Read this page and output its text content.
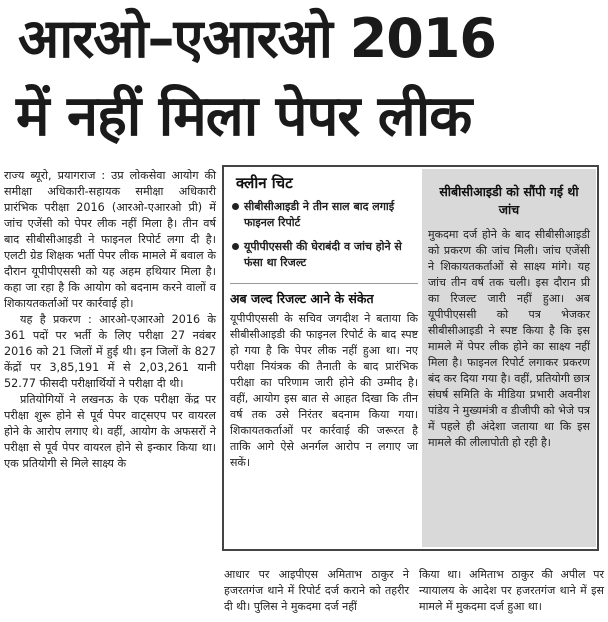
आरओ–एआरओ 2016
में नहीं मिला पेपर लीक

राज्य ब्यूरो, प्रयागराज : उप्र लोकसेवा आयोग की समीक्षा अधिकारी-सहायक समीक्षा अधिकारी प्रारंभिक परीक्षा 2016 (आरओ-एआरओ प्री) में जांच एजेंसी को पेपर लीक नहीं मिला है। तीन वर्ष बाद सीबीसीआइडी ने फाइनल रिपोर्ट लगा दी है। एलटी ग्रेड शिक्षक भर्ती पेपर लीक मामले में बवाल के दौरान यूपीपीएससी को यह अहम हथियार मिला है। कहा जा रहा है कि आयोग को बदनाम करने वालों व शिकायतकर्ताओं पर कार्रवाई हो।

यह है प्रकरण : आरओ-एआरओ 2016 के 361 पदों पर भर्ती के लिए परीक्षा 27 नवंबर 2016 को 21 जिलों में हुई थी। इन जिलों के 827 केंद्रों पर 3,85,191 में से 2,03,261 यानी 52.77 फीसदी परीक्षार्थियों ने परीक्षा दी थी।

प्रतियोगियों ने लखनऊ के एक परीक्षा केंद्र पर परीक्षा शुरू होने से पूर्व पेपर वाट्सएप पर वायरल होने के आरोप लगाए थे। वहीं, आयोग के अफसरों ने परीक्षा से पूर्व पेपर वायरल होने से इन्कार किया था। एक प्रतियोगी से मिले साक्ष्य के

क्लीन चिट
सीबीसीआइडी ने तीन साल बाद लगाई फाइनल रिपोर्ट
यूपीपीएससी की घेराबंदी व जांच होने से फंसा था रिजल्ट
अब जल्द रिजल्ट आने के संकेत

यूपीपीएससी के सचिव जगदीश ने बताया कि सीबीसीआइडी की फाइनल रिपोर्ट के बाद स्पष्ट हो गया है कि पेपर लीक नहीं हुआ था। नए परीक्षा नियंत्रक की तैनाती के बाद प्रारंभिक परीक्षा का परिणाम जारी होने की उम्मीद है। वहीं, आयोग इस बात से आहत दिखा कि तीन वर्ष तक उसे निरंतर बदनाम किया गया। शिकायतकर्ताओं पर कार्रवाई की जरूरत है ताकि आगे ऐसे अनर्गल आरोप न लगाए जा सकें।

सीबीसीआइडी को सौंपी गई थी जांच

मुकदमा दर्ज होने के बाद सीबीसीआइडी को प्रकरण की जांच मिली। जांच एजेंसी ने शिकायतकर्ताओं से साक्ष्य मांगे। यह जांच तीन वर्ष तक चली। इस दौरान प्री का रिजल्ट जारी नहीं हुआ। अब यूपीपीएससी को पत्र भेजकर सीबीसीआइडी ने स्पष्ट किया है कि इस मामले में पेपर लीक होने का साक्ष्य नहीं मिला है। फाइनल रिपोर्ट लगाकर प्रकरण बंद कर दिया गया है। वहीं, प्रतियोगी छात्र संघर्ष समिति के मीडिया प्रभारी अवनीश पांडेय ने मुख्यमंत्री व डीजीपी को भेजे पत्र में पहले ही अंदेशा जताया था कि इस मामले की लीलापोती हो रही है।

आधार पर आइपीएस अमिताभ ठाकुर ने हजरतगंज थाने में रिपोर्ट दर्ज कराने को तहरीर दी थी। पुलिस ने मुकदमा दर्ज नहीं

किया था। अमिताभ ठाकुर की अपील पर न्यायालय के आदेश पर हजरतगंज थाने में इस मामले में मुकदमा दर्ज हुआ था।
